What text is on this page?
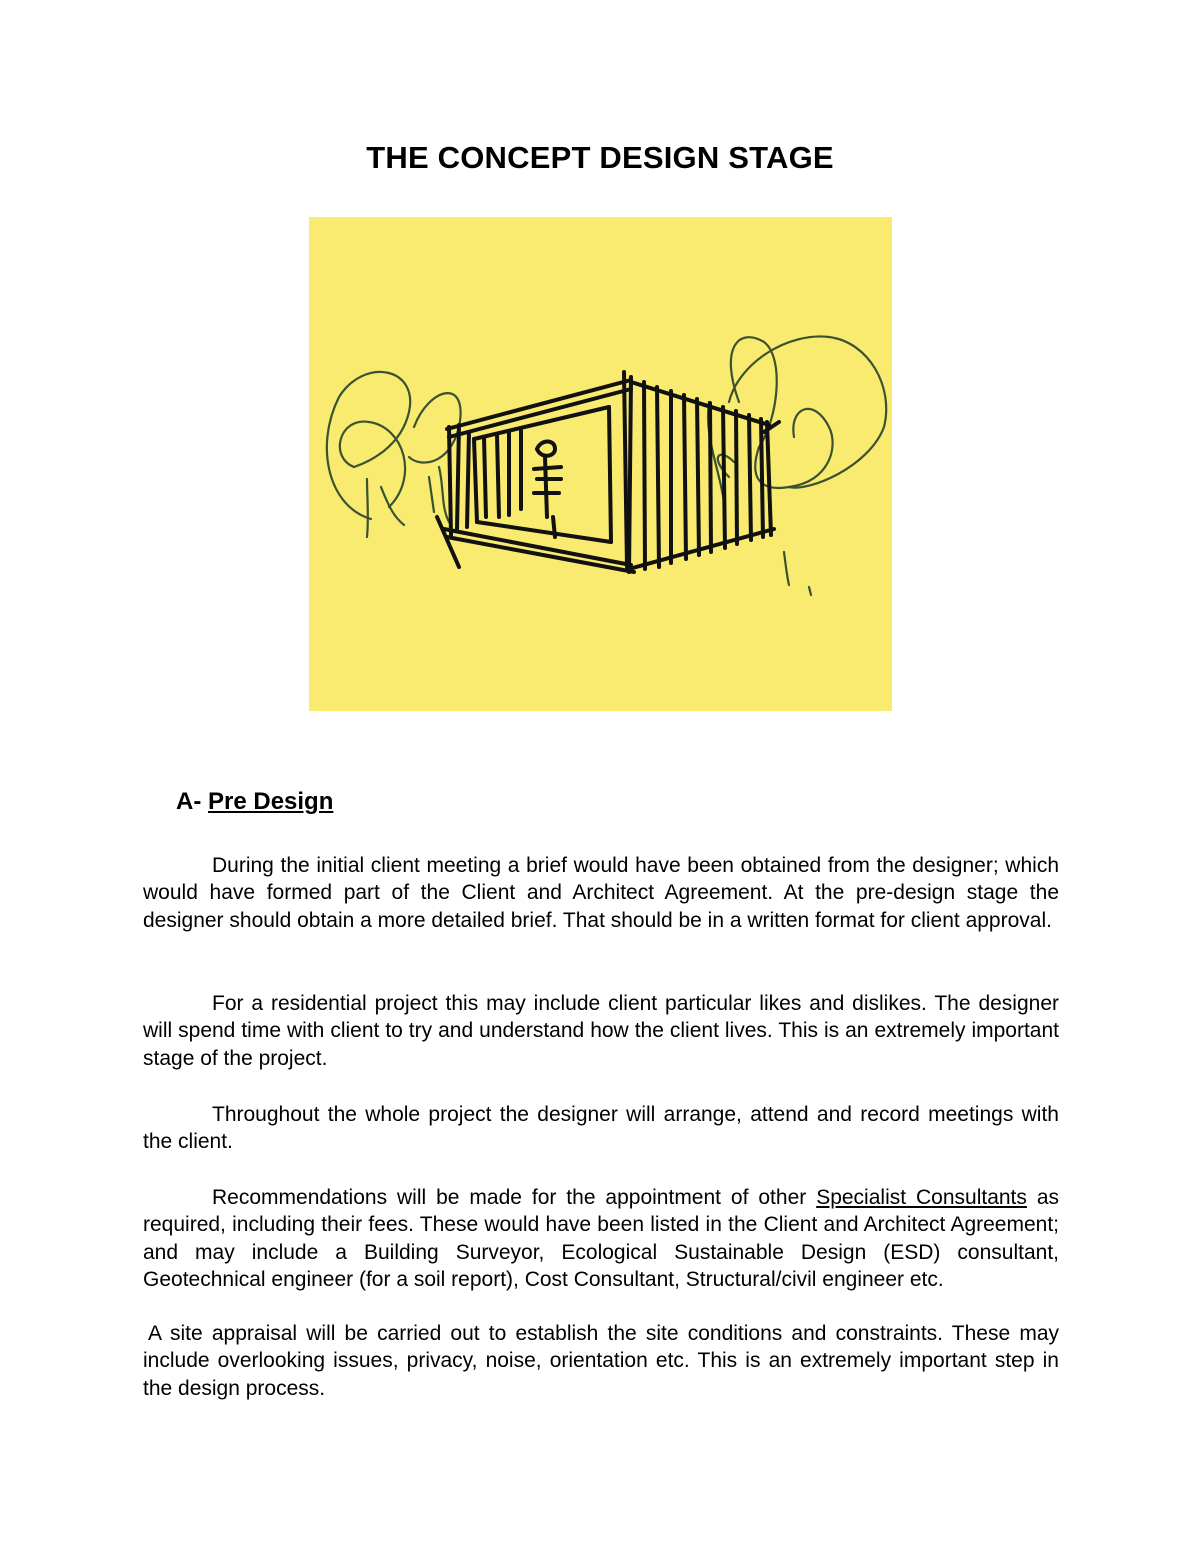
THE CONCEPT DESIGN STAGE
A- Pre Design

During the initial client meeting a brief would have been obtained from the designer; which would have formed part of the Client and Architect Agreement. At the pre-design stage the designer should obtain a more detailed brief. That should be in a written format for client approval.

For a residential project this may include client particular likes and dislikes. The designer will spend time with client to try and understand how the client lives. This is an extremely important stage of the project.

Throughout the whole project the designer will arrange, attend and record meetings with the client.

Recommendations will be made for the appointment of other Specialist Consultants as required, including their fees. These would have been listed in the Client and Architect Agreement; and may include a Building Surveyor, Ecological Sustainable Design (ESD) consultant, Geotechnical engineer (for a soil report), Cost Consultant, Structural/civil engineer etc.

A site appraisal will be carried out to establish the site conditions and constraints. These may include overlooking issues, privacy, noise, orientation etc. This is an extremely important step in the design process.
